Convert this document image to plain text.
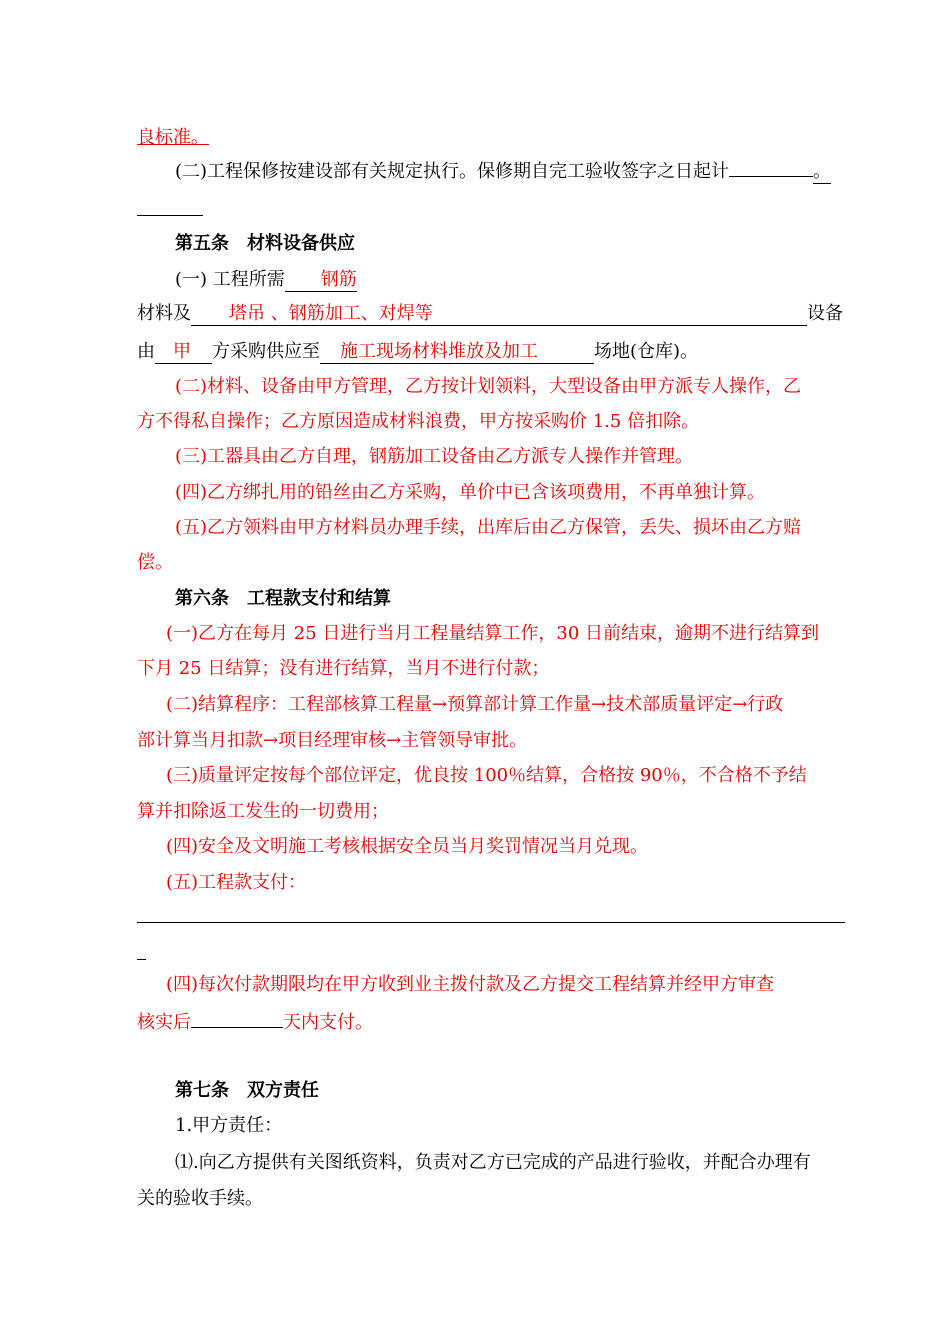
良标准。
(二)工程保修按建设部有关规定执行。保修期自完工验收签字之日起计	。
第五条　材料设备供应
(一) 工程所需 钢筋
材料及 塔吊 、钢筋加工、对焊等	设备
由 甲 方采购供应至 施工现场材料堆放及加工	场地(仓库)。
(二)材料、设备由甲方管理，乙方按计划领料，大型设备由甲方派专人操作，乙
方不得私自操作；乙方原因造成材料浪费，甲方按采购价 1.5 倍扣除。
(三)工器具由乙方自理，钢筋加工设备由乙方派专人操作并管理。
(四)乙方绑扎用的铅丝由乙方采购，单价中已含该项费用，不再单独计算。
(五)乙方领料由甲方材料员办理手续，出库后由乙方保管，丢失、损坏由乙方赔
偿。
第六条　工程款支付和结算
(一)乙方在每月 25 日进行当月工程量结算工作，30 日前结束，逾期不进行结算到
下月 25 日结算；没有进行结算，当月不进行付款；
(二)结算程序：工程部核算工程量→预算部计算工作量→技术部质量评定→行政
部计算当月扣款→项目经理审核→主管领导审批。
(三)质量评定按每个部位评定，优良按 100％结算，合格按 90％，不合格不予结
算并扣除返工发生的一切费用；
(四)安全及文明施工考核根据安全员当月奖罚情况当月兑现。
(五)工程款支付：
(四)每次付款期限均在甲方收到业主拨付款及乙方提交工程结算并经甲方审查
核实后	天内支付。
第七条　双方责任
1.甲方责任：
⑴.向乙方提供有关图纸资料，负责对乙方已完成的产品进行验收，并配合办理有
关的验收手续。
